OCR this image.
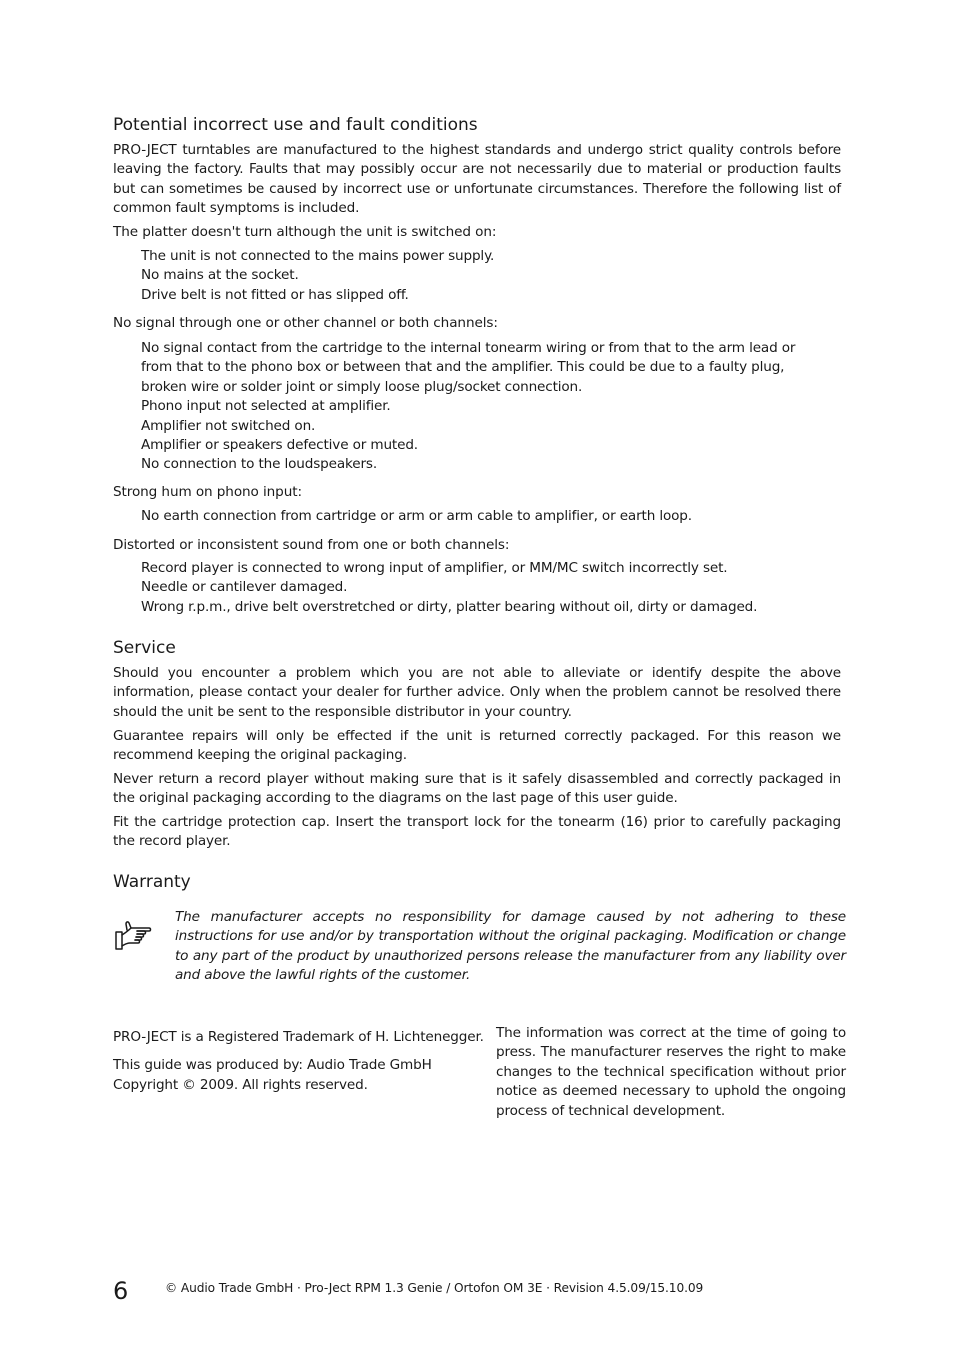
Potential incorrect use and fault conditions

PRO-JECT turntables are manufactured to the highest standards and undergo strict quality controls before leaving the factory. Faults that may possibly occur are not necessarily due to material or production faults but can sometimes be caused by incorrect use or unfortunate circumstances. Therefore the following list of common fault symptoms is included.

The platter doesn't turn although the unit is switched on:

The unit is not connected to the mains power supply.
No mains at the socket.
Drive belt is not fitted or has slipped off.

No signal through one or other channel or both channels:

No signal contact from the cartridge to the internal tonearm wiring or from that to the arm lead or
from that to the phono box or between that and the amplifier. This could be due to a faulty plug,
broken wire or solder joint or simply loose plug/socket connection.
Phono input not selected at amplifier.
Amplifier not switched on.
Amplifier or speakers defective or muted.
No connection to the loudspeakers.

Strong hum on phono input:

No earth connection from cartridge or arm or arm cable to amplifier, or earth loop.

Distorted or inconsistent sound from one or both channels:

Record player is connected to wrong input of amplifier, or MM/MC switch incorrectly set.
Needle or cantilever damaged.
Wrong r.p.m., drive belt overstretched or dirty, platter bearing without oil, dirty or damaged.
Service

Should you encounter a problem which you are not able to alleviate or identify despite the above information, please contact your dealer for further advice. Only when the problem cannot be resolved there should the unit be sent to the responsible distributor in your country.

Guarantee repairs will only be effected if the unit is returned correctly packaged. For this reason we recommend keeping the original packaging.

Never return a record player without making sure that is it safely disassembled and correctly packaged in the original packaging according to the diagrams on the last page of this user guide.

Fit the cartridge protection cap. Insert the transport lock for the tonearm (16) prior to carefully packaging the record player.

Warranty

The manufacturer accepts no responsibility for damage caused by not adhering to these instructions for use and/or by transportation without the original packaging. Modification or change to any part of the product by unauthorized persons release the manufacturer from any liability over and above the lawful rights of the customer.

PRO-JECT is a Registered Trademark of H. Lichtenegger.

This guide was produced by: Audio Trade GmbH

Copyright © 2009. All rights reserved.

The information was correct at the time of going to press. The manufacturer reserves the right to make changes to the technical specification without prior notice as deemed necessary to uphold the ongoing process of technical development.

6	© Audio Trade GmbH · Pro-Ject RPM 1.3 Genie / Ortofon OM 3E · Revision 4.5.09/15.10.09
